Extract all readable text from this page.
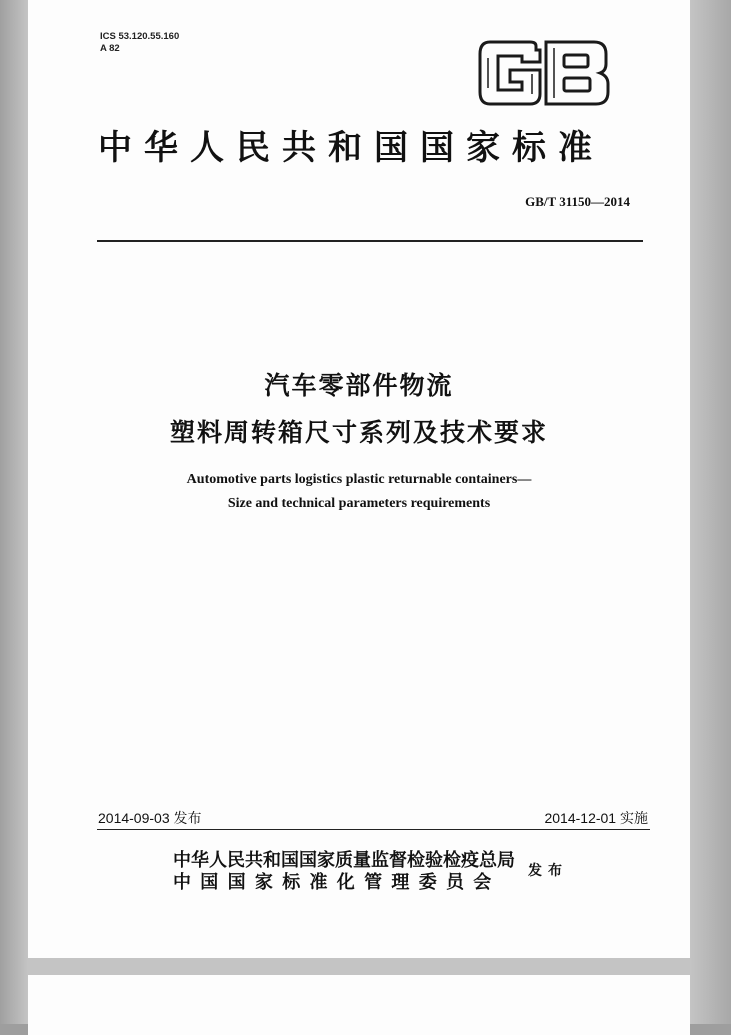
ICS 53.120.55.160
A 82
中华人民共和国国家标准
GB/T 31150—2014
汽车零部件物流
塑料周转箱尺寸系列及技术要求
Automotive parts logistics plastic returnable containers—
Size and technical parameters requirements
2014-09-03 发布	2014-12-01 实施
中华人民共和国国家质量监督检验检疫总局
中国国家标准化管理委员会
发布
